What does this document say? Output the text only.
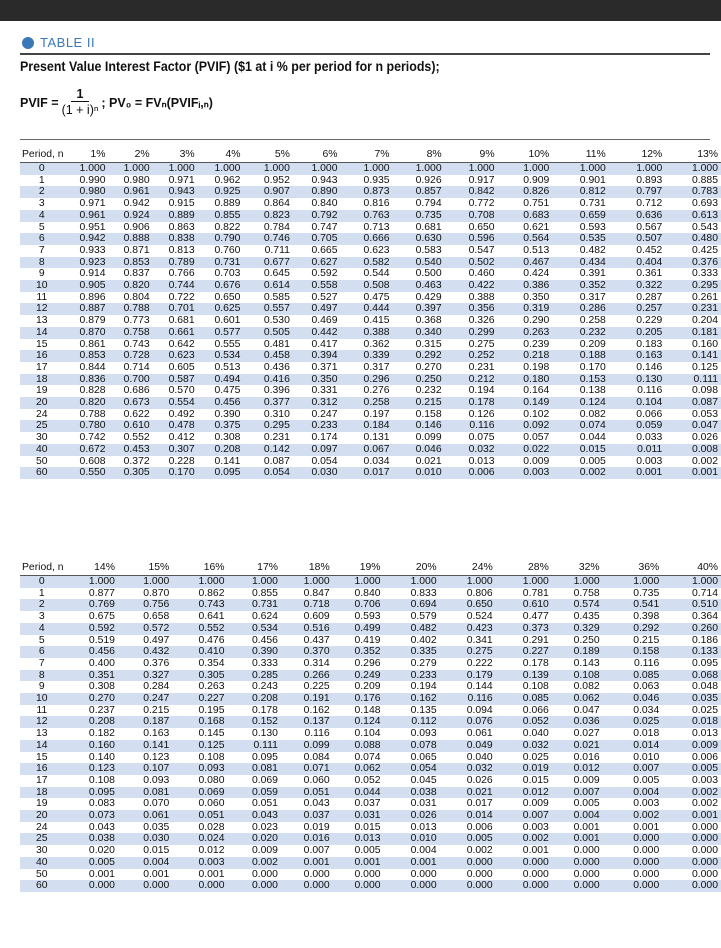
TABLE II
Present Value Interest Factor (PVIF) ($1 at i % per period for n periods);
PVIF = $\frac{1}{\text{(1 + i)ⁿ}}$ ; PV₀ = FVₙ(PVIFᵢ,ₙ)
Period, n	1%	2%	3%	4%	5%	6%	7%	8%	9%	10%	11%	12%	13%
0	1.000	1.000	1.000	1.000	1.000	1.000	1.000	1.000	1.000	1.000	1.000	1.000	1.000
1	0.990	0.980	0.971	0.962	0.952	0.943	0.935	0.926	0.917	0.909	0.901	0.893	0.885
2	0.980	0.961	0.943	0.925	0.907	0.890	0.873	0.857	0.842	0.826	0.812	0.797	0.783
3	0.971	0.942	0.915	0.889	0.864	0.840	0.816	0.794	0.772	0.751	0.731	0.712	0.693
4	0.961	0.924	0.889	0.855	0.823	0.792	0.763	0.735	0.708	0.683	0.659	0.636	0.613
5	0.951	0.906	0.863	0.822	0.784	0.747	0.713	0.681	0.650	0.621	0.593	0.567	0.543
6	0.942	0.888	0.838	0.790	0.746	0.705	0.666	0.630	0.596	0.564	0.535	0.507	0.480
7	0.933	0.871	0.813	0.760	0.711	0.665	0.623	0.583	0.547	0.513	0.482	0.452	0.425
8	0.923	0.853	0.789	0.731	0.677	0.627	0.582	0.540	0.502	0.467	0.434	0.404	0.376
9	0.914	0.837	0.766	0.703	0.645	0.592	0.544	0.500	0.460	0.424	0.391	0.361	0.333
10	0.905	0.820	0.744	0.676	0.614	0.558	0.508	0.463	0.422	0.386	0.352	0.322	0.295
11	0.896	0.804	0.722	0.650	0.585	0.527	0.475	0.429	0.388	0.350	0.317	0.287	0.261
12	0.887	0.788	0.701	0.625	0.557	0.497	0.444	0.397	0.356	0.319	0.286	0.257	0.231
13	0.879	0.773	0.681	0.601	0.530	0.469	0.415	0.368	0.326	0.290	0.258	0.229	0.204
14	0.870	0.758	0.661	0.577	0.505	0.442	0.388	0.340	0.299	0.263	0.232	0.205	0.181
15	0.861	0.743	0.642	0.555	0.481	0.417	0.362	0.315	0.275	0.239	0.209	0.183	0.160
16	0.853	0.728	0.623	0.534	0.458	0.394	0.339	0.292	0.252	0.218	0.188	0.163	0.141
17	0.844	0.714	0.605	0.513	0.436	0.371	0.317	0.270	0.231	0.198	0.170	0.146	0.125
18	0.836	0.700	0.587	0.494	0.416	0.350	0.296	0.250	0.212	0.180	0.153	0.130	0.111
19	0.828	0.686	0.570	0.475	0.396	0.331	0.276	0.232	0.194	0.164	0.138	0.116	0.098
20	0.820	0.673	0.554	0.456	0.377	0.312	0.258	0.215	0.178	0.149	0.124	0.104	0.087
24	0.788	0.622	0.492	0.390	0.310	0.247	0.197	0.158	0.126	0.102	0.082	0.066	0.053
25	0.780	0.610	0.478	0.375	0.295	0.233	0.184	0.146	0.116	0.092	0.074	0.059	0.047
30	0.742	0.552	0.412	0.308	0.231	0.174	0.131	0.099	0.075	0.057	0.044	0.033	0.026
40	0.672	0.453	0.307	0.208	0.142	0.097	0.067	0.046	0.032	0.022	0.015	0.011	0.008
50	0.608	0.372	0.228	0.141	0.087	0.054	0.034	0.021	0.013	0.009	0.005	0.003	0.002
60	0.550	0.305	0.170	0.095	0.054	0.030	0.017	0.010	0.006	0.003	0.002	0.001	0.001
Period, n	14%	15%	16%	17%	18%	19%	20%	24%	28%	32%	36%	40%
0	1.000	1.000	1.000	1.000	1.000	1.000	1.000	1.000	1.000	1.000	1.000	1.000
1	0.877	0.870	0.862	0.855	0.847	0.840	0.833	0.806	0.781	0.758	0.735	0.714
2	0.769	0.756	0.743	0.731	0.718	0.706	0.694	0.650	0.610	0.574	0.541	0.510
3	0.675	0.658	0.641	0.624	0.609	0.593	0.579	0.524	0.477	0.435	0.398	0.364
4	0.592	0.572	0.552	0.534	0.516	0.499	0.482	0.423	0.373	0.329	0.292	0.260
5	0.519	0.497	0.476	0.456	0.437	0.419	0.402	0.341	0.291	0.250	0.215	0.186
6	0.456	0.432	0.410	0.390	0.370	0.352	0.335	0.275	0.227	0.189	0.158	0.133
7	0.400	0.376	0.354	0.333	0.314	0.296	0.279	0.222	0.178	0.143	0.116	0.095
8	0.351	0.327	0.305	0.285	0.266	0.249	0.233	0.179	0.139	0.108	0.085	0.068
9	0.308	0.284	0.263	0.243	0.225	0.209	0.194	0.144	0.108	0.082	0.063	0.048
10	0.270	0.247	0.227	0.208	0.191	0.176	0.162	0.116	0.085	0.062	0.046	0.035
11	0.237	0.215	0.195	0.178	0.162	0.148	0.135	0.094	0.066	0.047	0.034	0.025
12	0.208	0.187	0.168	0.152	0.137	0.124	0.112	0.076	0.052	0.036	0.025	0.018
13	0.182	0.163	0.145	0.130	0.116	0.104	0.093	0.061	0.040	0.027	0.018	0.013
14	0.160	0.141	0.125	0.111	0.099	0.088	0.078	0.049	0.032	0.021	0.014	0.009
15	0.140	0.123	0.108	0.095	0.084	0.074	0.065	0.040	0.025	0.016	0.010	0.006
16	0.123	0.107	0.093	0.081	0.071	0.062	0.054	0.032	0.019	0.012	0.007	0.005
17	0.108	0.093	0.080	0.069	0.060	0.052	0.045	0.026	0.015	0.009	0.005	0.003
18	0.095	0.081	0.069	0.059	0.051	0.044	0.038	0.021	0.012	0.007	0.004	0.002
19	0.083	0.070	0.060	0.051	0.043	0.037	0.031	0.017	0.009	0.005	0.003	0.002
20	0.073	0.061	0.051	0.043	0.037	0.031	0.026	0.014	0.007	0.004	0.002	0.001
24	0.043	0.035	0.028	0.023	0.019	0.015	0.013	0.006	0.003	0.001	0.001	0.000
25	0.038	0.030	0.024	0.020	0.016	0.013	0.010	0.005	0.002	0.001	0.000	0.000
30	0.020	0.015	0.012	0.009	0.007	0.005	0.004	0.002	0.001	0.000	0.000	0.000
40	0.005	0.004	0.003	0.002	0.001	0.001	0.001	0.000	0.000	0.000	0.000	0.000
50	0.001	0.001	0.001	0.000	0.000	0.000	0.000	0.000	0.000	0.000	0.000	0.000
60	0.000	0.000	0.000	0.000	0.000	0.000	0.000	0.000	0.000	0.000	0.000	0.000
